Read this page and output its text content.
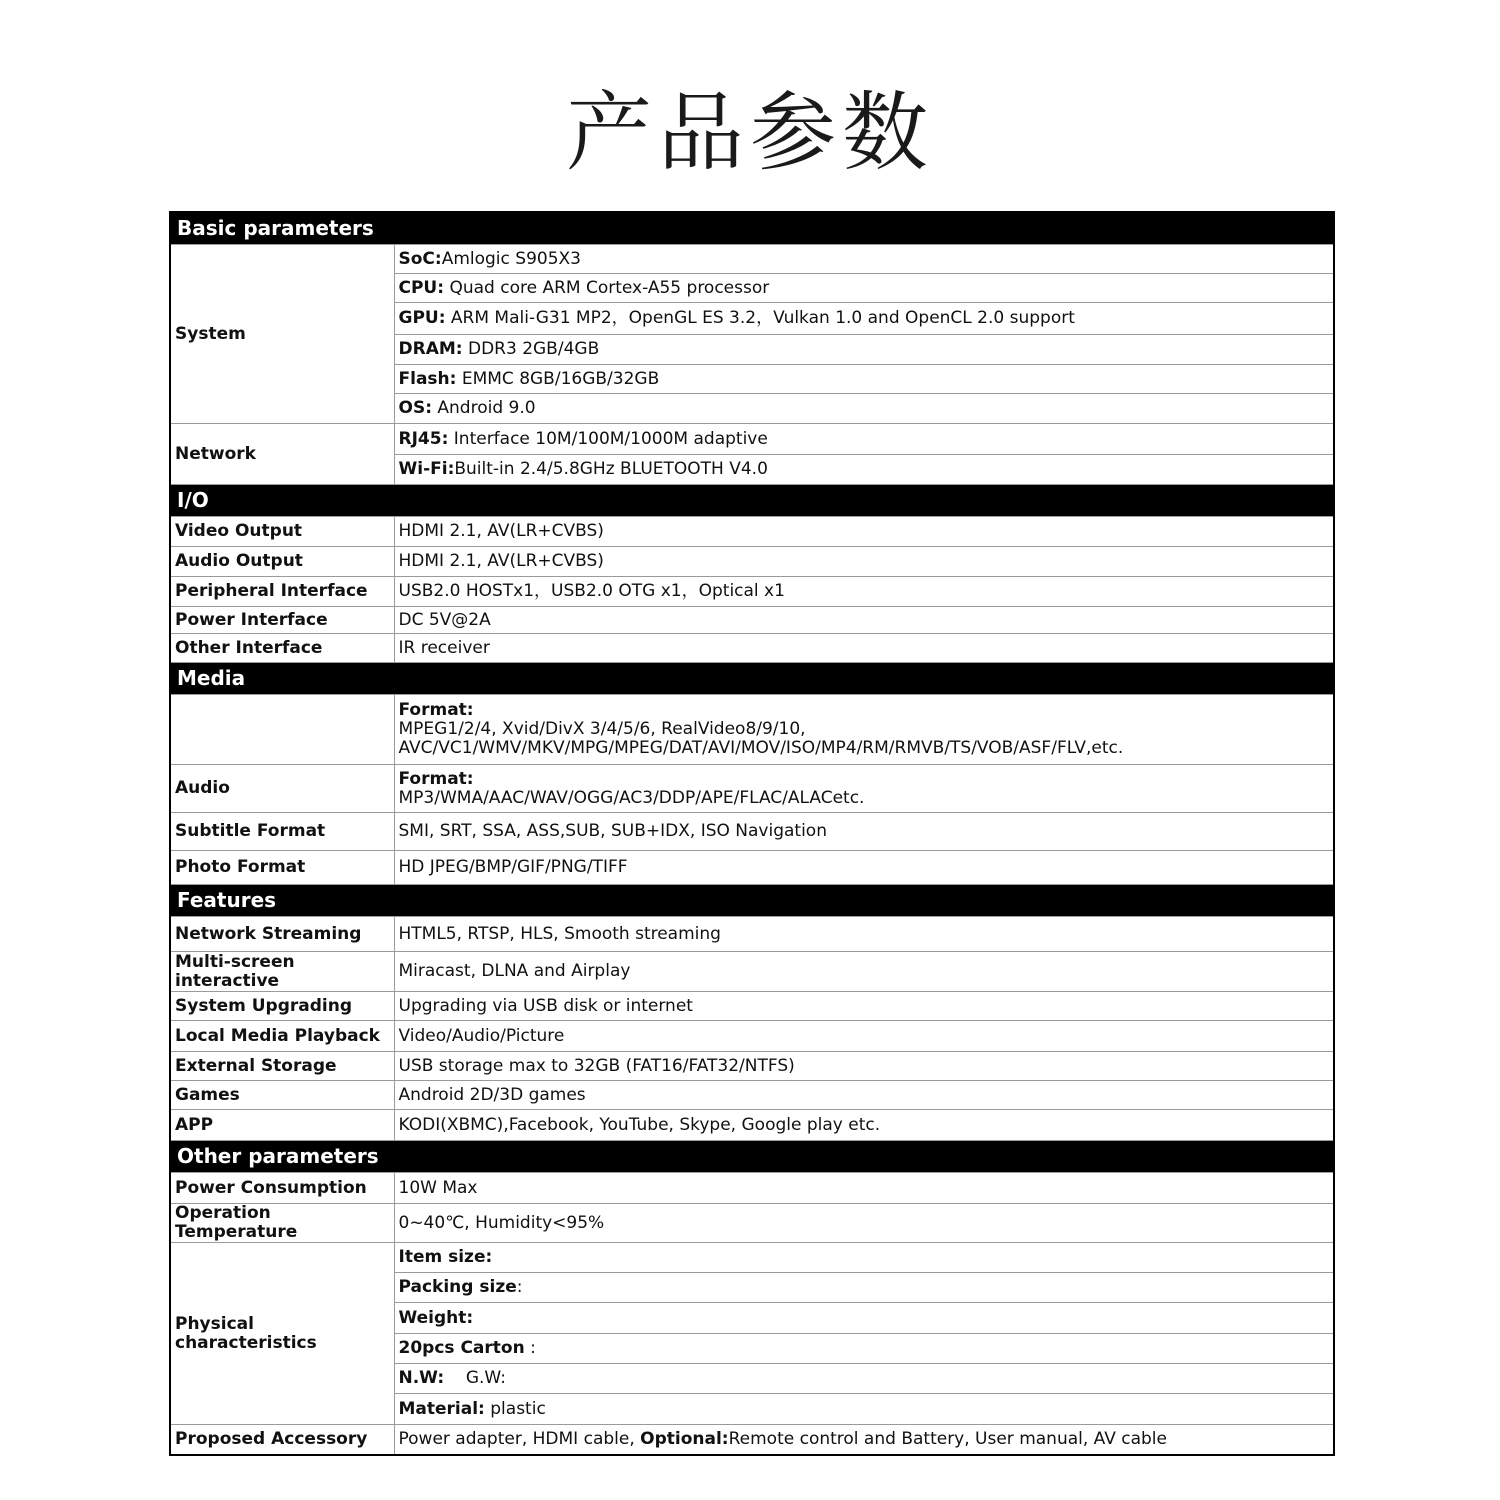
产品参数
Basic parameters	
System	SoC:Amlogic S905X3
	CPU: Quad core ARM Cortex-A55 processor
	GPU: ARM Mali-G31 MP2，OpenGL ES 3.2，Vulkan 1.0 and OpenCL 2.0 support
	DRAM: DDR3 2GB/4GB
	Flash: EMMC 8GB/16GB/32GB
	OS: Android 9.0
Network	RJ45: Interface 10M/100M/1000M adaptive
	Wi-Fi:Built-in 2.4/5.8GHz BLUETOOTH V4.0
I/O	
Video Output	HDMI 2.1, AV(LR+CVBS)
Audio Output	HDMI 2.1, AV(LR+CVBS)
Peripheral Interface	USB2.0 HOSTx1，USB2.0 OTG x1，Optical x1
Power Interface	DC 5V@2A
Other Interface	IR receiver
Media	

	Format:
MPEG1/2/4, Xvid/DivX 3/4/5/6, RealVideo8/9/10,
AVC/VC1/WMV/MKV/MPG/MPEG/DAT/AVI/MOV/ISO/MP4/RM/RMVB/TS/VOB/ASF/FLV,etc.

Audio	Format:
MP3/WMA/AAC/WAV/OGG/AC3/DDP/APE/FLAC/ALACetc.

Subtitle Format	SMI, SRT, SSA, ASS,SUB, SUB+IDX, ISO Navigation
Photo Format	HD JPEG/BMP/GIF/PNG/TIFF
Features	
Network Streaming	HTML5, RTSP, HLS, Smooth streaming
Multi-screen interactive	Miracast, DLNA and Airplay
System Upgrading	Upgrading via USB disk or internet
Local Media Playback	Video/Audio/Picture
External Storage	USB storage max to 32GB (FAT16/FAT32/NTFS)
Games	Android 2D/3D games
APP	KODI(XBMC),Facebook, YouTube, Skype, Google play etc.
Other parameters	
Power Consumption	10W Max
Operation Temperature	0~40℃, Humidity<95%
Physical characteristics	Item size:
	Packing size:
	Weight:
	20pcs Carton :
	N.W:    G.W:
	Material: plastic
Proposed Accessory	Power adapter, HDMI cable, Optional:Remote control and Battery, User manual, AV cable
